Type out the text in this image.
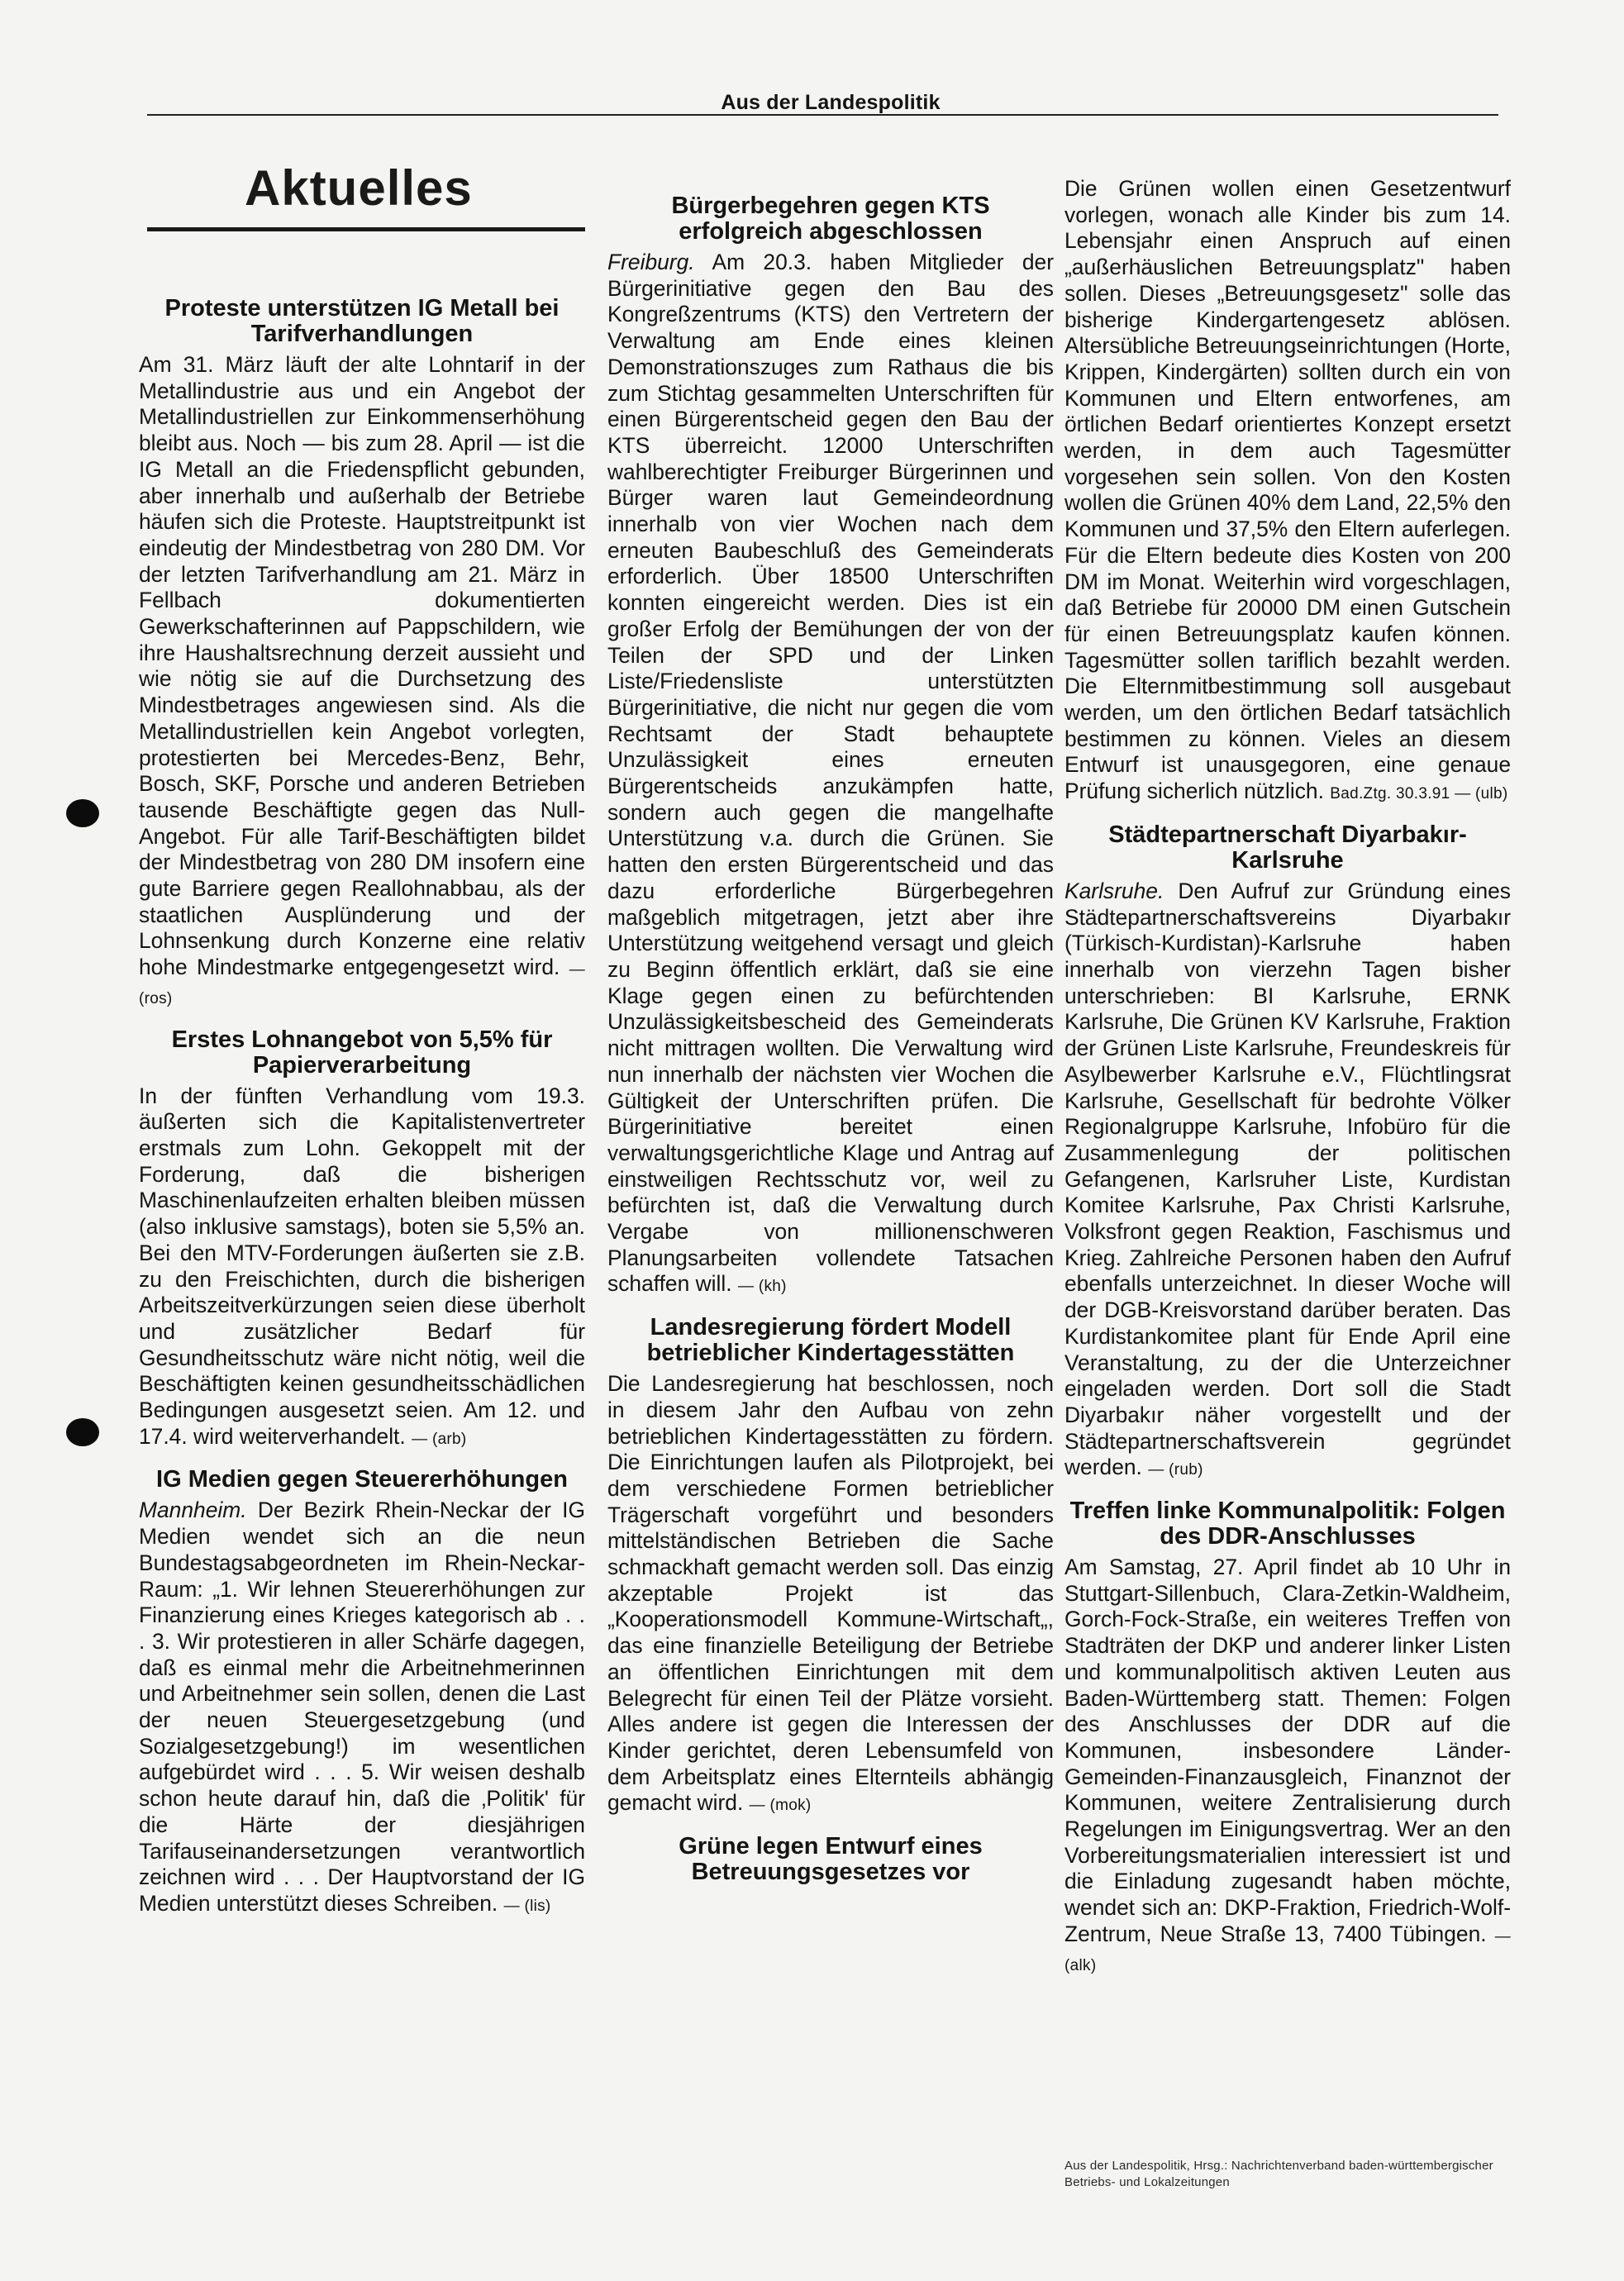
Aus der Landespolitik
Aktuelles
Proteste unterstützen IG Metall bei Tarifverhandlungen

Am 31. März läuft der alte Lohntarif in der Metallindustrie aus und ein Angebot der Metallindustriellen zur Einkommenserhöhung bleibt aus. Noch — bis zum 28. April — ist die IG Metall an die Friedenspflicht gebunden, aber innerhalb und außerhalb der Betriebe häufen sich die Proteste. Hauptstreitpunkt ist eindeutig der Mindestbetrag von 280 DM. Vor der letzten Tarifverhandlung am 21. März in Fellbach dokumentierten Gewerkschafterinnen auf Pappschildern, wie ihre Haushaltsrechnung derzeit aussieht und wie nötig sie auf die Durchsetzung des Mindestbetrages angewiesen sind. Als die Metallindustriellen kein Angebot vorlegten, protestierten bei Mercedes-Benz, Behr, Bosch, SKF, Porsche und anderen Betrieben tausende Beschäftigte gegen das Null-Angebot. Für alle Tarif-Beschäftigten bildet der Mindestbetrag von 280 DM insofern eine gute Barriere gegen Reallohnabbau, als der staatlichen Ausplünderung und der Lohnsenkung durch Konzerne eine relativ hohe Mindestmarke entgegengesetzt wird. — (ros)

Erstes Lohnangebot von 5,5% für Papierverarbeitung

In der fünften Verhandlung vom 19.3. äußerten sich die Kapitalistenvertreter erstmals zum Lohn. Gekoppelt mit der Forderung, daß die bisherigen Maschinenlaufzeiten erhalten bleiben müssen (also inklusive samstags), boten sie 5,5% an. Bei den MTV-Forderungen äußerten sie z.B. zu den Freischichten, durch die bisherigen Arbeitszeitverkürzungen seien diese überholt und zusätzlicher Bedarf für Gesundheitsschutz wäre nicht nötig, weil die Beschäftigten keinen gesundheitsschädlichen Bedingungen ausgesetzt seien. Am 12. und 17.4. wird weiterverhandelt. — (arb)

IG Medien gegen Steuererhöhungen

Mannheim. Der Bezirk Rhein-Neckar der IG Medien wendet sich an die neun Bundestagsabgeordneten im Rhein-Neckar-Raum: „1. Wir lehnen Steuererhöhungen zur Finanzierung eines Krieges kategorisch ab . . . 3. Wir protestieren in aller Schärfe dagegen, daß es einmal mehr die Arbeitnehmerinnen und Arbeitnehmer sein sollen, denen die Last der neuen Steuergesetzgebung (und Sozialgesetzgebung!) im wesentlichen aufgebürdet wird . . . 5. Wir weisen deshalb schon heute darauf hin, daß die ‚Politik' für die Härte der diesjährigen Tarifauseinandersetzungen verantwortlich zeichnen wird . . . Der Hauptvorstand der IG Medien unterstützt dieses Schreiben. — (lis)

Bürgerbegehren gegen KTS erfolgreich abgeschlossen

Freiburg. Am 20.3. haben Mitglieder der Bürgerinitiative gegen den Bau des Kongreßzentrums (KTS) den Vertretern der Verwaltung am Ende eines kleinen Demonstrationszuges zum Rathaus die bis zum Stichtag gesammelten Unterschriften für einen Bürgerentscheid gegen den Bau der KTS überreicht. 12000 Unterschriften wahlberechtigter Freiburger Bürgerinnen und Bürger waren laut Gemeindeordnung innerhalb von vier Wochen nach dem erneuten Baubeschluß des Gemeinderats erforderlich. Über 18500 Unterschriften konnten eingereicht werden. Dies ist ein großer Erfolg der Bemühungen der von der Teilen der SPD und der Linken Liste/Friedensliste unterstützten Bürgerinitiative, die nicht nur gegen die vom Rechtsamt der Stadt behauptete Unzulässigkeit eines erneuten Bürgerentscheids anzukämpfen hatte, sondern auch gegen die mangelhafte Unterstützung v.a. durch die Grünen. Sie hatten den ersten Bürgerentscheid und das dazu erforderliche Bürgerbegehren maßgeblich mitgetragen, jetzt aber ihre Unterstützung weitgehend versagt und gleich zu Beginn öffentlich erklärt, daß sie eine Klage gegen einen zu befürchtenden Unzulässigkeitsbescheid des Gemeinderats nicht mittragen wollten. Die Verwaltung wird nun innerhalb der nächsten vier Wochen die Gültigkeit der Unterschriften prüfen. Die Bürgerinitiative bereitet einen verwaltungsgerichtliche Klage und Antrag auf einstweiligen Rechtsschutz vor, weil zu befürchten ist, daß die Verwaltung durch Vergabe von millionenschweren Planungsarbeiten vollendete Tatsachen schaffen will. — (kh)

Landesregierung fördert Modell betrieblicher Kindertagesstätten

Die Landesregierung hat beschlossen, noch in diesem Jahr den Aufbau von zehn betrieblichen Kindertagesstätten zu fördern. Die Einrichtungen laufen als Pilotprojekt, bei dem verschiedene Formen betrieblicher Trägerschaft vorgeführt und besonders mittelständischen Betrieben die Sache schmackhaft gemacht werden soll. Das einzig akzeptable Projekt ist das „Kooperationsmodell Kommune-Wirtschaft„, das eine finanzielle Beteiligung der Betriebe an öffentlichen Einrichtungen mit dem Belegrecht für einen Teil der Plätze vorsieht. Alles andere ist gegen die Interessen der Kinder gerichtet, deren Lebensumfeld von dem Arbeitsplatz eines Elternteils abhängig gemacht wird. — (mok)

Grüne legen Entwurf eines Betreuungsgesetzes vor

Die Grünen wollen einen Gesetzentwurf vorlegen, wonach alle Kinder bis zum 14. Lebensjahr einen Anspruch auf einen „außerhäuslichen Betreuungsplatz" haben sollen. Dieses „Betreuungsgesetz" solle das bisherige Kindergartengesetz ablösen. Altersübliche Betreuungseinrichtungen (Horte, Krippen, Kindergärten) sollten durch ein von Kommunen und Eltern entworfenes, am örtlichen Bedarf orientiertes Konzept ersetzt werden, in dem auch Tagesmütter vorgesehen sein sollen. Von den Kosten wollen die Grünen 40% dem Land, 22,5% den Kommunen und 37,5% den Eltern auferlegen. Für die Eltern bedeute dies Kosten von 200 DM im Monat. Weiterhin wird vorgeschlagen, daß Betriebe für 20000 DM einen Gutschein für einen Betreuungsplatz kaufen können. Tagesmütter sollen tariflich bezahlt werden. Die Elternmitbestimmung soll ausgebaut werden, um den örtlichen Bedarf tatsächlich bestimmen zu können. Vieles an diesem Entwurf ist unausgegoren, eine genaue Prüfung sicherlich nützlich. Bad.Ztg. 30.3.91 — (ulb)

Städtepartnerschaft Diyarbakır-Karlsruhe

Karlsruhe. Den Aufruf zur Gründung eines Städtepartnerschaftsvereins Diyarbakır (Türkisch-Kurdistan)-Karlsruhe haben innerhalb von vierzehn Tagen bisher unterschrieben: BI Karlsruhe, ERNK Karlsruhe, Die Grünen KV Karlsruhe, Fraktion der Grünen Liste Karlsruhe, Freundeskreis für Asylbewerber Karlsruhe e.V., Flüchtlingsrat Karlsruhe, Gesellschaft für bedrohte Völker Regionalgruppe Karlsruhe, Infobüro für die Zusammenlegung der politischen Gefangenen, Karlsruher Liste, Kurdistan Komitee Karlsruhe, Pax Christi Karlsruhe, Volksfront gegen Reaktion, Faschismus und Krieg. Zahlreiche Personen haben den Aufruf ebenfalls unterzeichnet. In dieser Woche will der DGB-Kreisvorstand darüber beraten. Das Kurdistankomitee plant für Ende April eine Veranstaltung, zu der die Unterzeichner eingeladen werden. Dort soll die Stadt Diyarbakır näher vorgestellt und der Städtepartnerschaftsverein gegründet werden. — (rub)

Treffen linke Kommunalpolitik: Folgen des DDR-Anschlusses

Am Samstag, 27. April findet ab 10 Uhr in Stuttgart-Sillenbuch, Clara-Zetkin-Waldheim, Gorch-Fock-Straße, ein weiteres Treffen von Stadträten der DKP und anderer linker Listen und kommunalpolitisch aktiven Leuten aus Baden-Württemberg statt. Themen: Folgen des Anschlusses der DDR auf die Kommunen, insbesondere Länder-Gemeinden-Finanzausgleich, Finanznot der Kommunen, weitere Zentralisierung durch Regelungen im Einigungsvertrag. Wer an den Vorbereitungsmaterialien interessiert ist und die Einladung zugesandt haben möchte, wendet sich an: DKP-Fraktion, Friedrich-Wolf-Zentrum, Neue Straße 13, 7400 Tübingen. — (alk)

Aus der Landespolitik, Hrsg.: Nachrichtenverband baden-württembergischer Betriebs- und Lokalzeitungen
